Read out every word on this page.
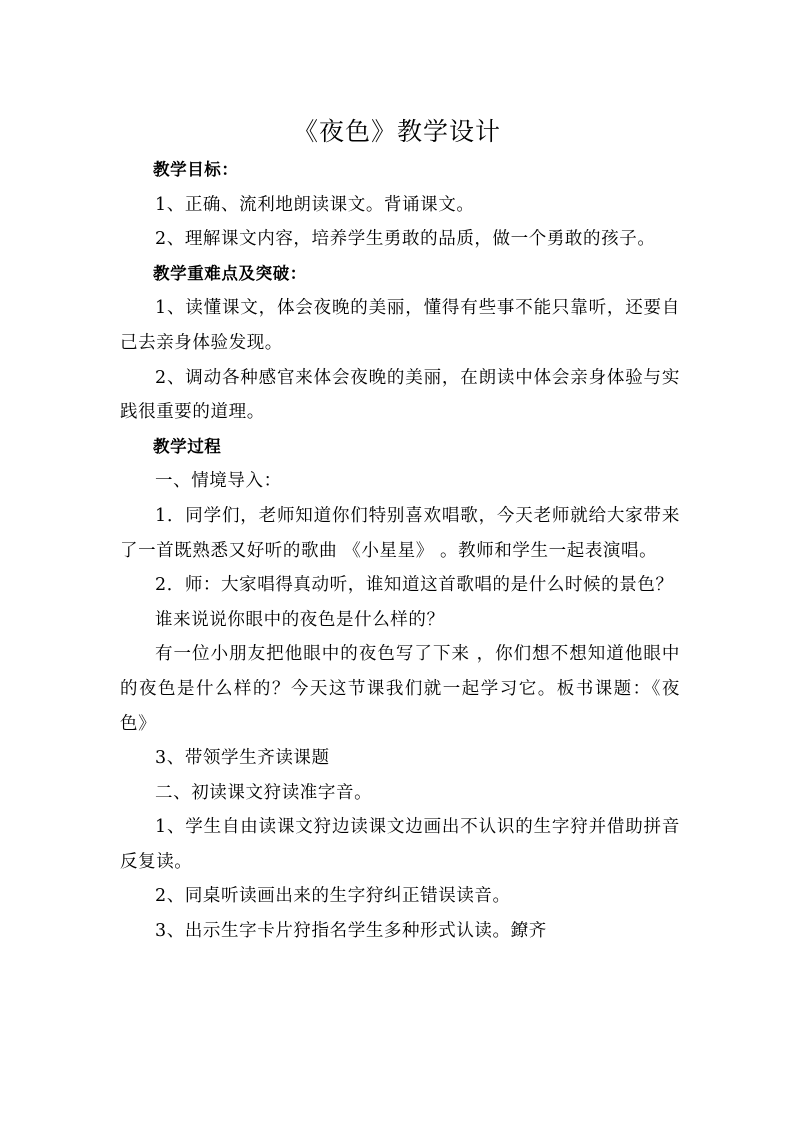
《夜色》教学设计

教学目标：

1、正确、流利地朗读课文。背诵课文。

2、理解课文内容，培养学生勇敢的品质，做一个勇敢的孩子。

教学重难点及突破：

1、读懂课文，体会夜晚的美丽，懂得有些事不能只靠听，还要自己去亲身体验发现。

2、调动各种感官来体会夜晚的美丽，在朗读中体会亲身体验与实践很重要的道理。

教学过程

一、情境导入：

1．同学们，老师知道你们特别喜欢唱歌，今天老师就给大家带来了一首既熟悉又好听的歌曲 《小星星》 。教师和学生一起表演唱。

2．师：大家唱得真动听，谁知道这首歌唱的是什么时候的景色？

谁来说说你眼中的夜色是什么样的？

有一位小朋友把他眼中的夜色写了下来 ，你们想不想知道他眼中的夜色是什么样的？今天这节课我们就一起学习它。板书课题：《夜色》

3、带领学生齐读课题

二、初读课文狩读准字音。

1、学生自由读课文狩边读课文边画出不认识的生字狩并借助拼音反复读。

2、同桌听读画出来的生字狩纠正错误读音。

3、出示生字卡片狩指名学生多种形式认读。鐐齐
